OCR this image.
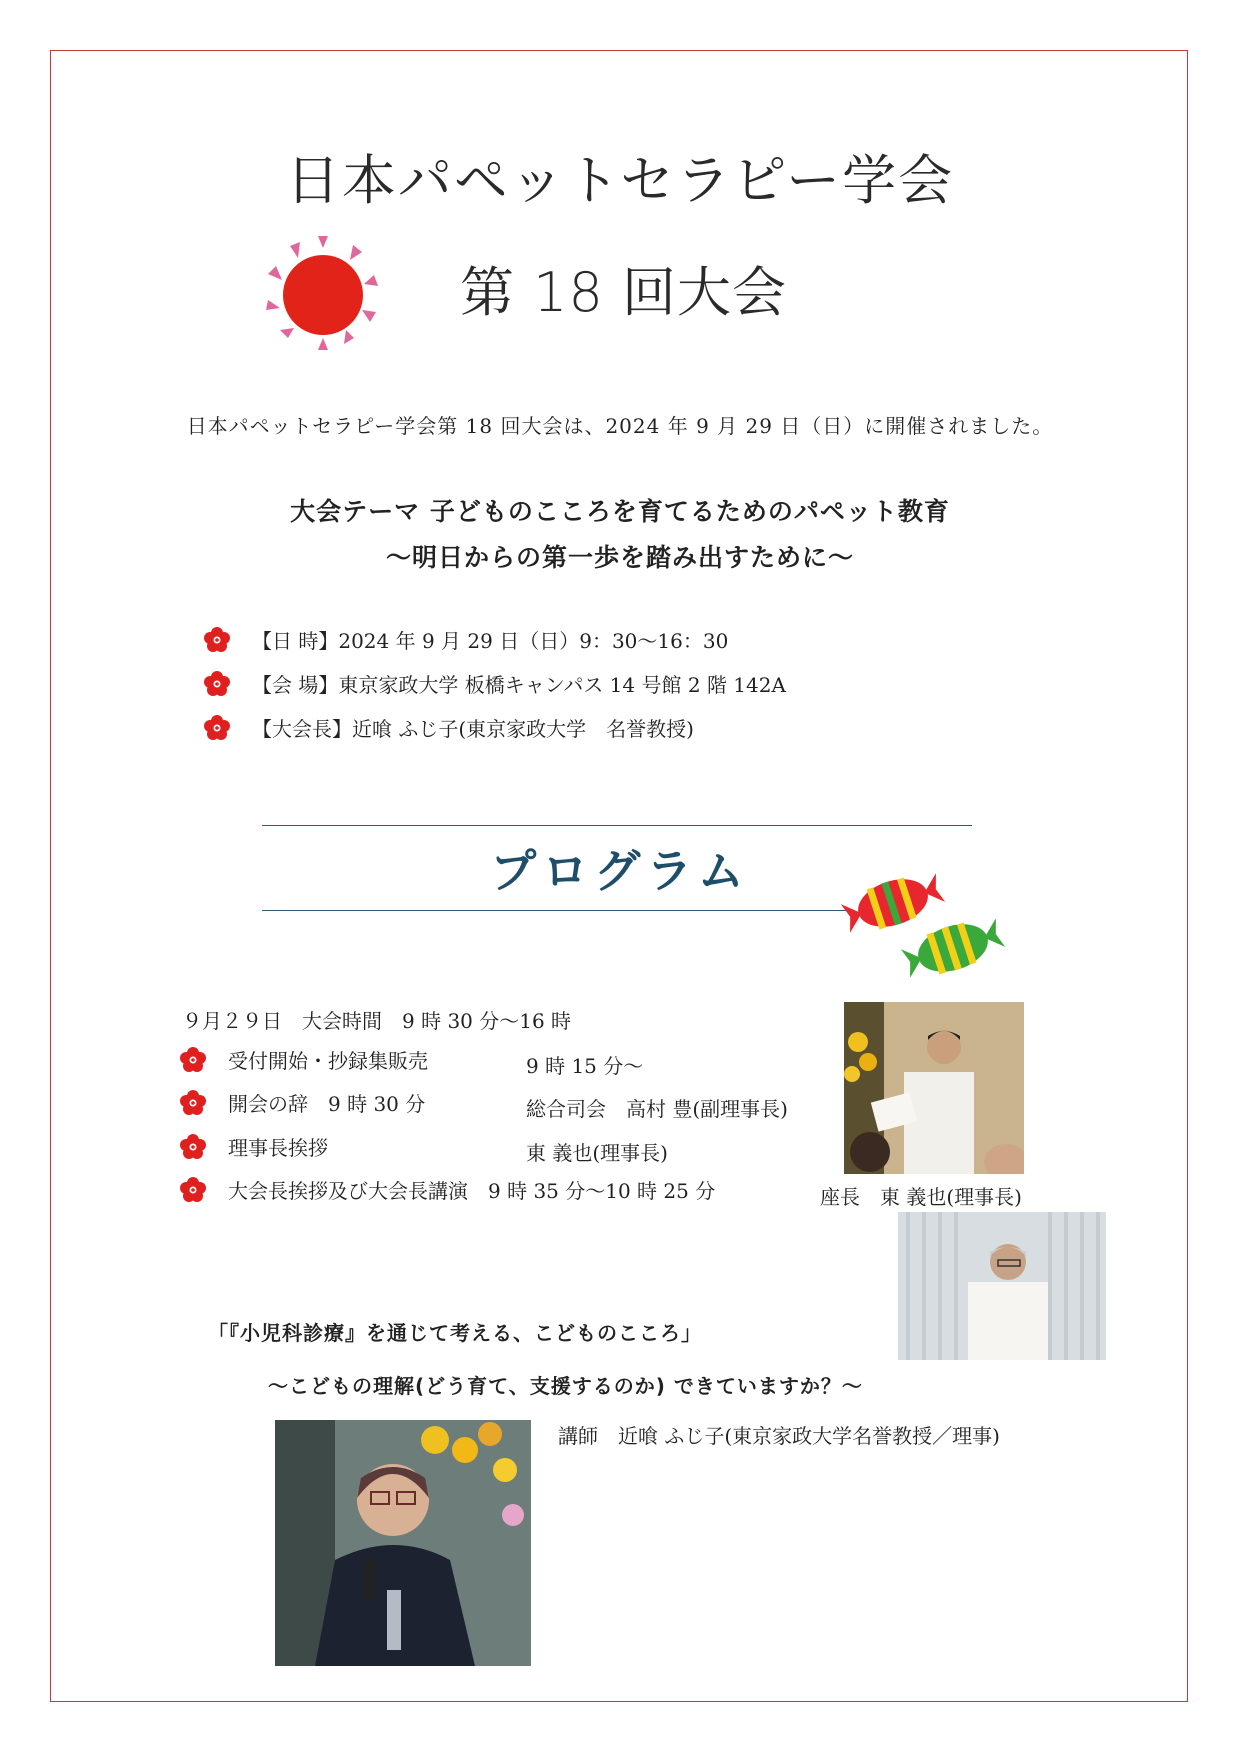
日本パペットセラピー学会
第 18 回大会
日本パペットセラピー学会第 18 回大会は、2024 年 9 月 29 日（日）に開催されました。
大会テーマ 子どものこころを育てるためのパペット教育
～明日からの第一歩を踏み出すために～
【日 時】2024 年 9 月 29 日（日）9：30～16：30
【会 場】東京家政大学 板橋キャンパス 14 号館 2 階 142A
【大会長】近喰 ふじ子(東京家政大学　名誉教授)
プログラム
９月２９日　大会時間　9 時 30 分～16 時
受付開始・抄録集販売	9 時 15 分～
開会の辞　9 時 30 分	総合司会　高村 豊(副理事長)
理事長挨拶	東 義也(理事長)
大会長挨拶及び大会長講演　9 時 35 分～10 時 25 分	座長　東 義也(理事長)
「『小児科診療』を通じて考える、こどものこころ」
～こどもの理解(どう育て、支援するのか) できていますか？～
講師　近喰 ふじ子(東京家政大学名誉教授／理事)
